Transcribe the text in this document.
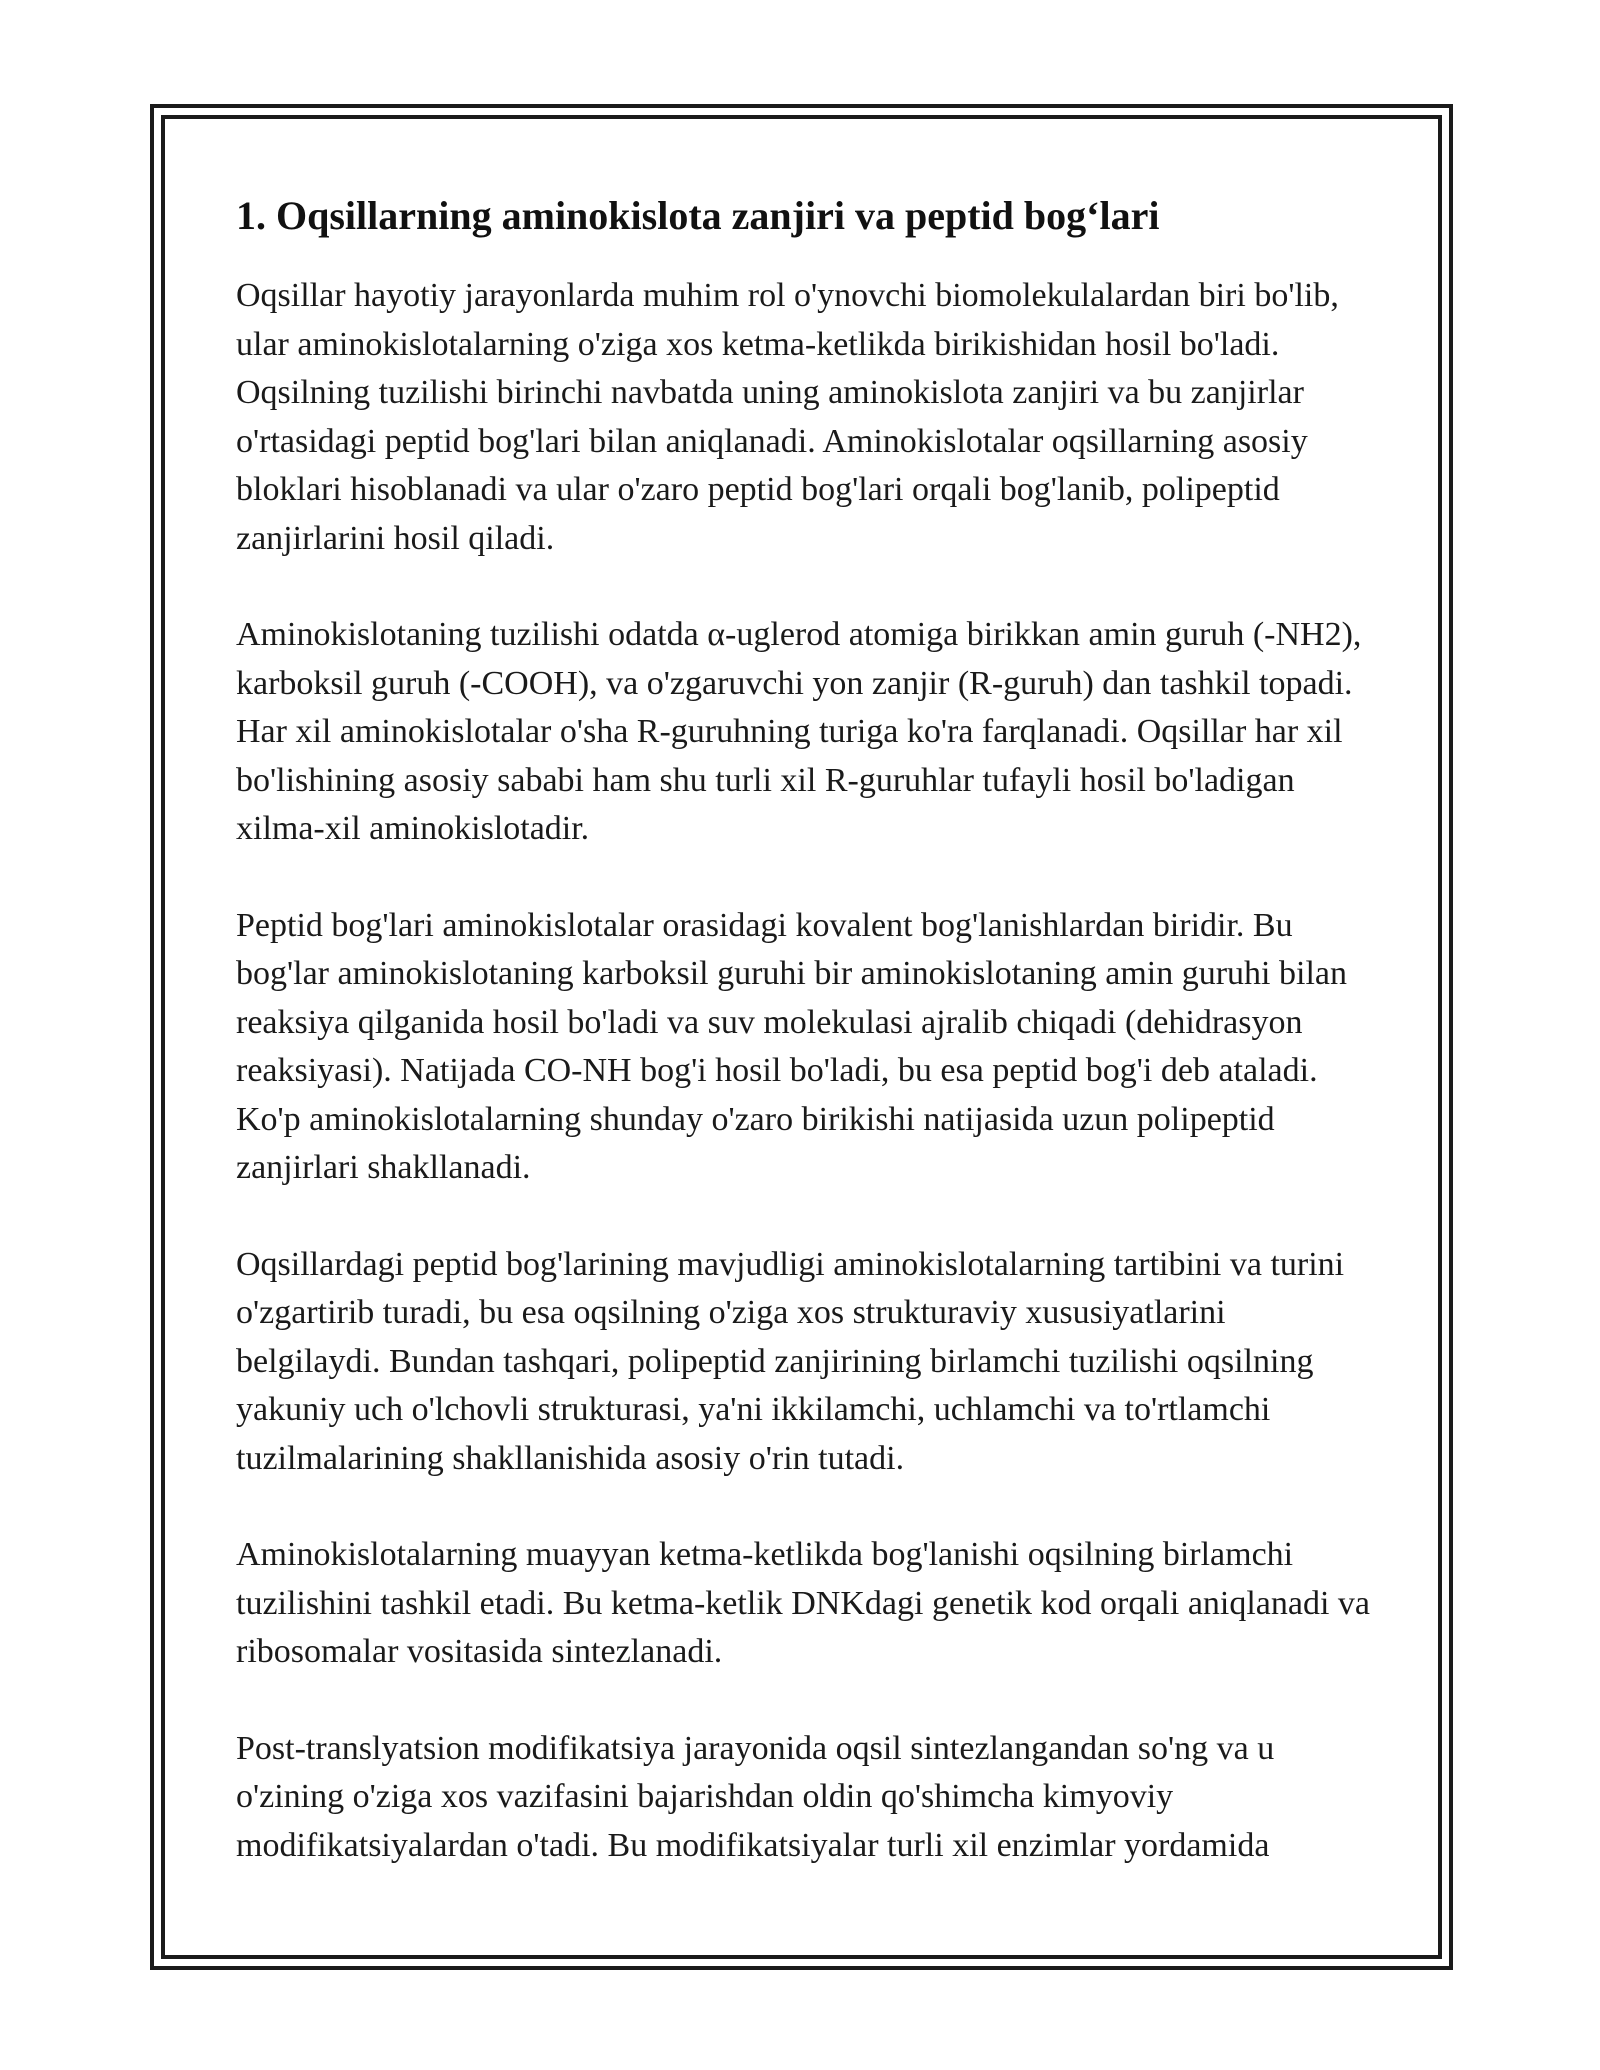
1. Oqsillarning aminokislota zanjiri va peptid bog‘lari

Oqsillar hayotiy jarayonlarda muhim rol o'ynovchi biomolekulalardan biri bo'lib, ular aminokislotalarning o'ziga xos ketma-ketlikda birikishidan hosil bo'ladi. Oqsilning tuzilishi birinchi navbatda uning aminokislota zanjiri va bu zanjirlar o'rtasidagi peptid bog'lari bilan aniqlanadi. Aminokislotalar oqsillarning asosiy bloklari hisoblanadi va ular o'zaro peptid bog'lari orqali bog'lanib, polipeptid zanjirlarini hosil qiladi.

Aminokislotaning tuzilishi odatda α-uglerod atomiga birikkan amin guruh (-NH2), karboksil guruh (-COOH), va o'zgaruvchi yon zanjir (R-guruh) dan tashkil topadi. Har xil aminokislotalar o'sha R-guruhning turiga ko'ra farqlanadi. Oqsillar har xil bo'lishining asosiy sababi ham shu turli xil R-guruhlar tufayli hosil bo'ladigan xilma-xil aminokislotadir.

Peptid bog'lari aminokislotalar orasidagi kovalent bog'lanishlardan biridir. Bu bog'lar aminokislotaning karboksil guruhi bir aminokislotaning amin guruhi bilan reaksiya qilganida hosil bo'ladi va suv molekulasi ajralib chiqadi (dehidrasyon reaksiyasi). Natijada CO-NH bog'i hosil bo'ladi, bu esa peptid bog'i deb ataladi. Ko'p aminokislotalarning shunday o'zaro birikishi natijasida uzun polipeptid zanjirlari shakllanadi.

Oqsillardagi peptid bog'larining mavjudligi aminokislotalarning tartibini va turini o'zgartirib turadi, bu esa oqsilning o'ziga xos strukturaviy xususiyatlarini belgilaydi. Bundan tashqari, polipeptid zanjirining birlamchi tuzilishi oqsilning yakuniy uch o'lchovli strukturasi, ya'ni ikkilamchi, uchlamchi va to'rtlamchi tuzilmalarining shakllanishida asosiy o'rin tutadi.

Aminokislotalarning muayyan ketma-ketlikda bog'lanishi oqsilning birlamchi tuzilishini tashkil etadi. Bu ketma-ketlik DNKdagi genetik kod orqali aniqlanadi va ribosomalar vositasida sintezlanadi.

Post-translyatsion modifikatsiya jarayonida oqsil sintezlangandan so'ng va u o'zining o'ziga xos vazifasini bajarishdan oldin qo'shimcha kimyoviy modifikatsiyalardan o'tadi. Bu modifikatsiyalar turli xil enzimlar yordamida
